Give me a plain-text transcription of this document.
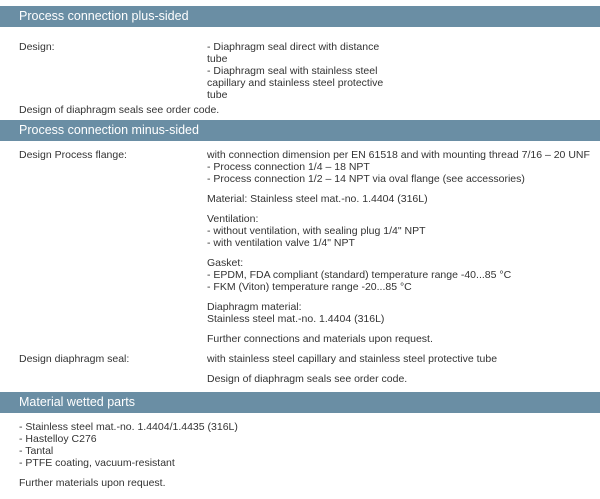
Process connection plus-sided
Design:	- Diaphragm seal direct with distance

tube

- Diaphragm seal with stainless steel

capillary and stainless steel protective

tube

Design of diaphragm seals see order code.

Process connection minus-sided
Design Process flange:	with connection dimension per EN 61518 and with mounting thread 7/16 – 20 UNF

- Process connection 1/4 – 18 NPT

- Process connection 1/2 – 14 NPT via oval flange (see accessories)

Material: Stainless steel mat.-no. 1.4404 (316L)

Ventilation:

- without ventilation, with sealing plug 1/4" NPT

- with ventilation valve 1/4" NPT

Gasket:

- EPDM, FDA compliant (standard) temperature range -40...85 °C

- FKM (Viton) temperature range -20...85 °C

Diaphragm material:

Stainless steel mat.-no. 1.4404 (316L)

Further connections and materials upon request.

Design diaphragm seal:	with stainless steel capillary and stainless steel protective tube

Design of diaphragm seals see order code.

Material wetted parts

- Stainless steel mat.-no. 1.4404/1.4435 (316L)

- Hastelloy C276

- Tantal

- PTFE coating, vacuum-resistant

Further materials upon request.
